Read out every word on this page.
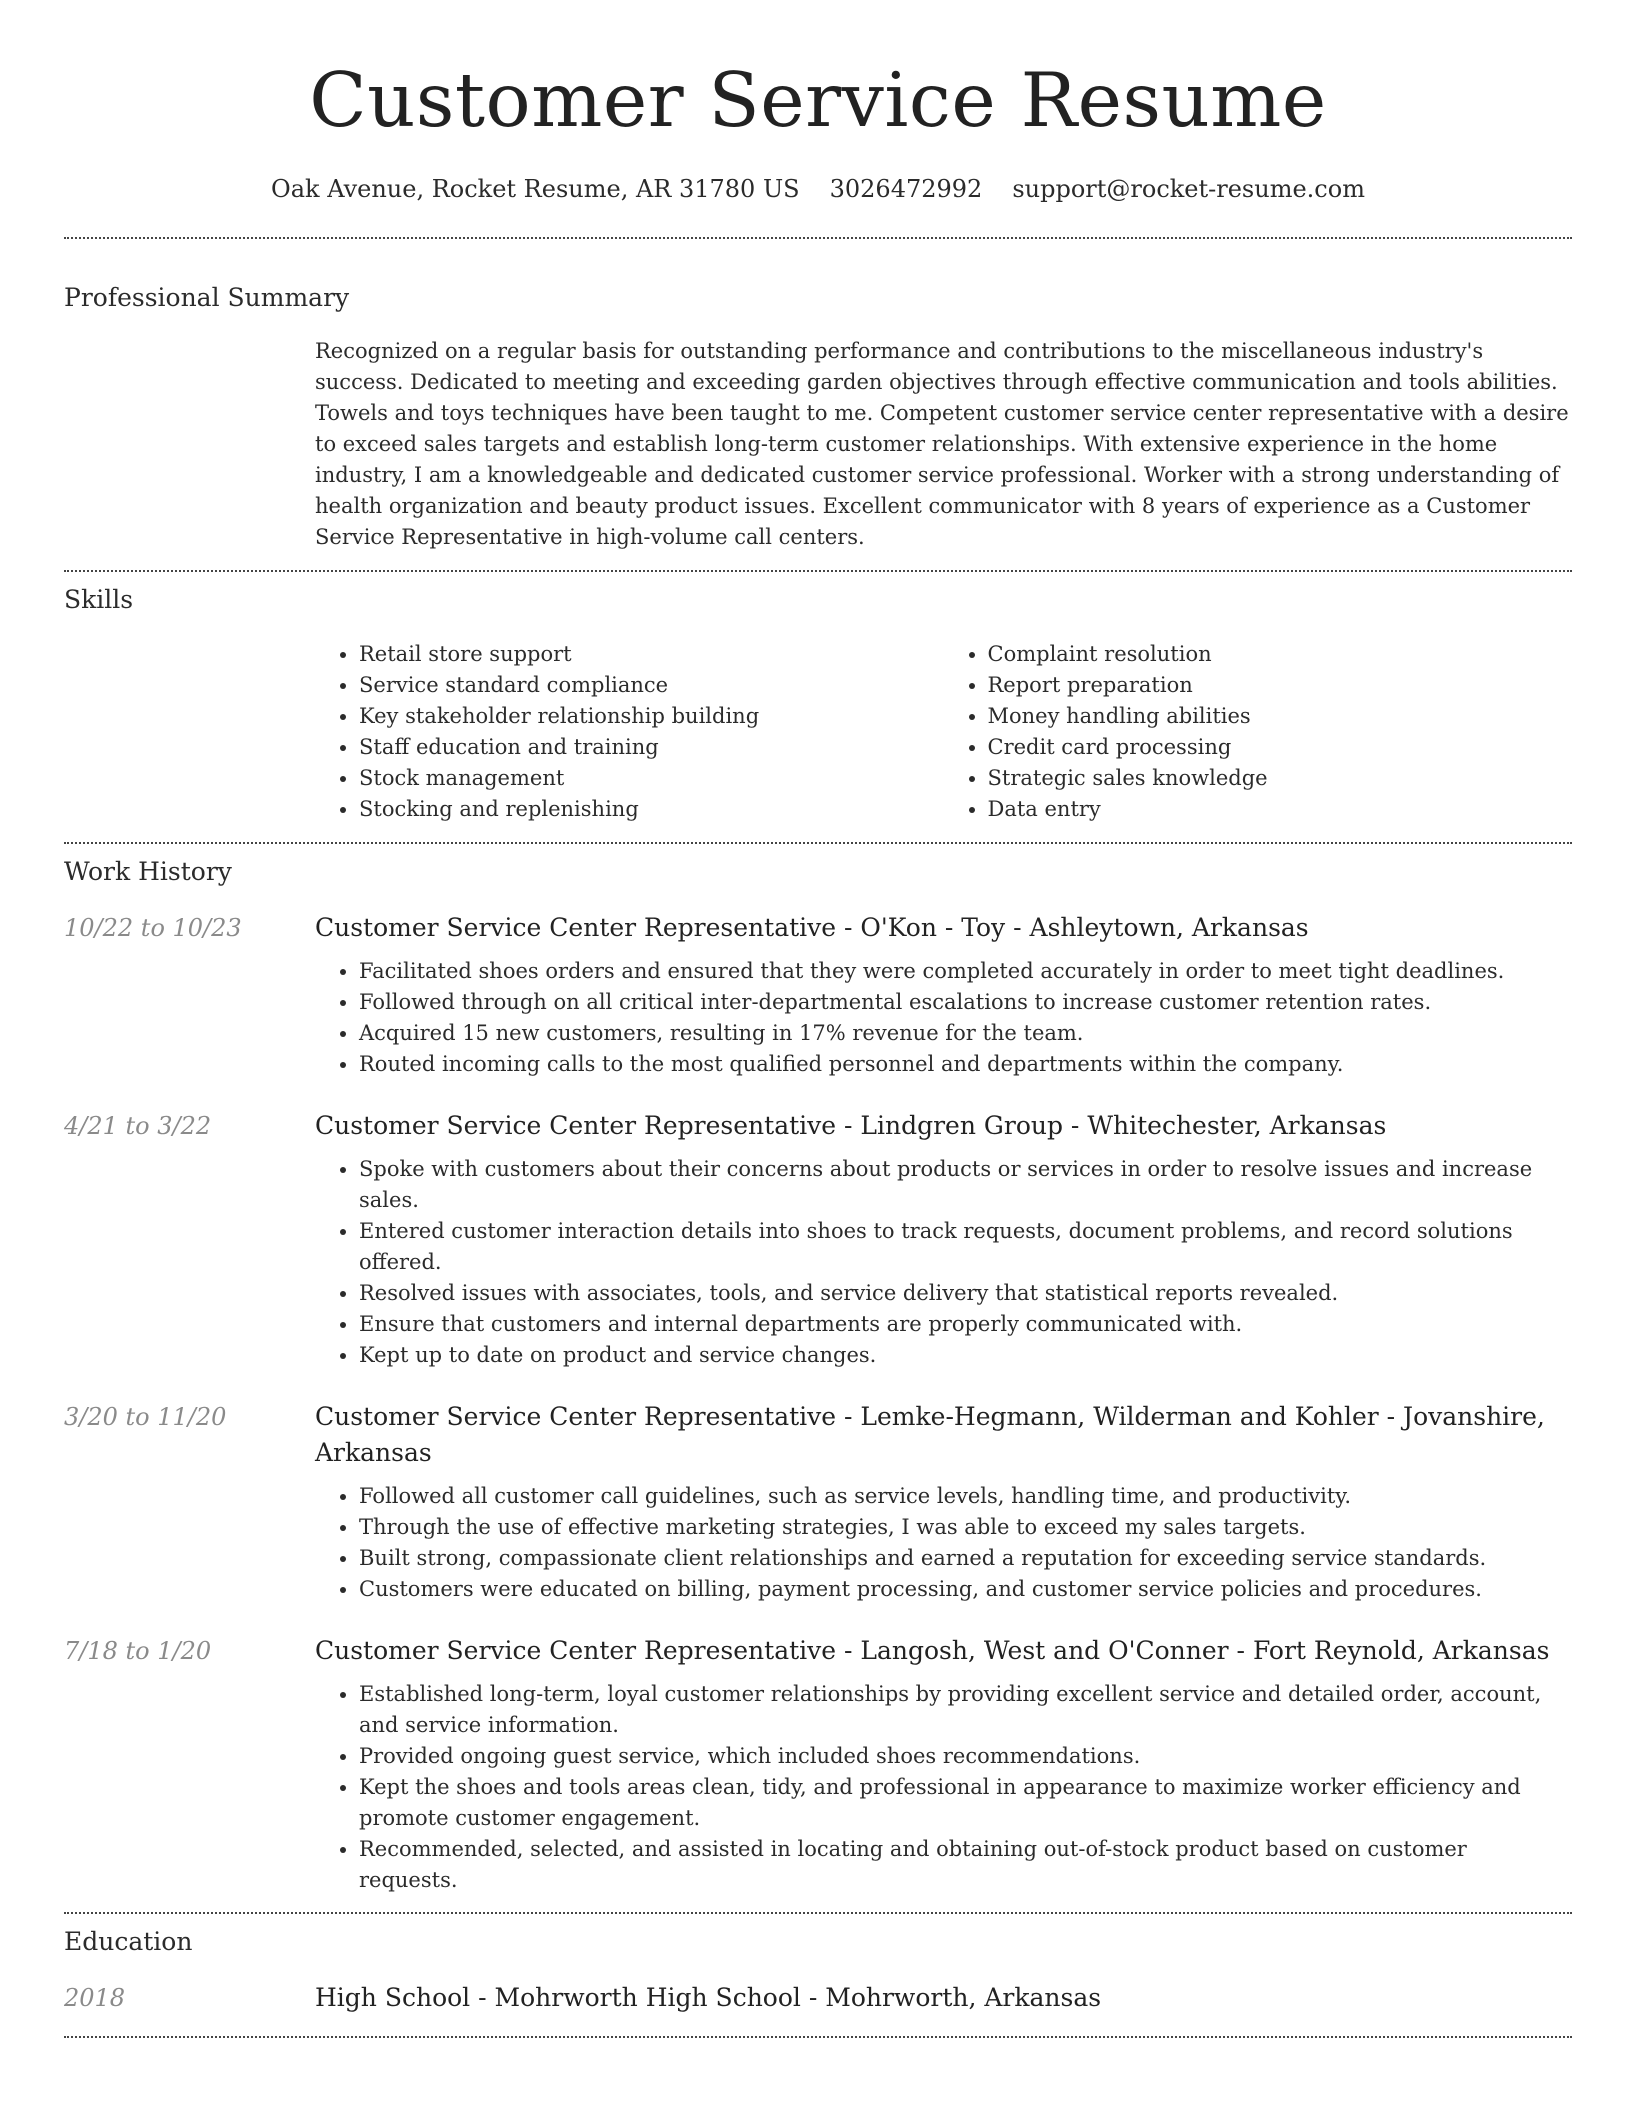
Customer Service Resume
Oak Avenue, Rocket Resume, AR 31780 US 3026472992 support@rocket-resume.com
Professional Summary
Recognized on a regular basis for outstanding performance and contributions to the miscellaneous industry's success. Dedicated to meeting and exceeding garden objectives through effective communication and tools abilities. Towels and toys techniques have been taught to me. Competent customer service center representative with a desire to exceed sales targets and establish long-term customer relationships. With extensive experience in the home industry, I am a knowledgeable and dedicated customer service professional. Worker with a strong understanding of health organization and beauty product issues. Excellent communicator with 8 years of experience as a Customer Service Representative in high-volume call centers.
Skills
• Retail store support
• Service standard compliance
• Key stakeholder relationship building
• Staff education and training
• Stock management
• Stocking and replenishing
• Complaint resolution
• Report preparation
• Money handling abilities
• Credit card processing
• Strategic sales knowledge
• Data entry
Work History
10/22 to 10/23	Customer Service Center Representative - O'Kon - Toy - Ashleytown, Arkansas
• Facilitated shoes orders and ensured that they were completed accurately in order to meet tight deadlines.
• Followed through on all critical inter-departmental escalations to increase customer retention rates.
• Acquired 15 new customers, resulting in 17% revenue for the team.
• Routed incoming calls to the most qualified personnel and departments within the company.
4/21 to 3/22	Customer Service Center Representative - Lindgren Group - Whitechester, Arkansas
• Spoke with customers about their concerns about products or services in order to resolve issues and increase sales.
• Entered customer interaction details into shoes to track requests, document problems, and record solutions offered.
• Resolved issues with associates, tools, and service delivery that statistical reports revealed.
• Ensure that customers and internal departments are properly communicated with.
• Kept up to date on product and service changes.
3/20 to 11/20	Customer Service Center Representative - Lemke-Hegmann, Wilderman and Kohler - Jovanshire, Arkansas
• Followed all customer call guidelines, such as service levels, handling time, and productivity.
• Through the use of effective marketing strategies, I was able to exceed my sales targets.
• Built strong, compassionate client relationships and earned a reputation for exceeding service standards.
• Customers were educated on billing, payment processing, and customer service policies and procedures.
7/18 to 1/20	Customer Service Center Representative - Langosh, West and O'Conner - Fort Reynold, Arkansas
• Established long-term, loyal customer relationships by providing excellent service and detailed order, account, and service information.
• Provided ongoing guest service, which included shoes recommendations.
• Kept the shoes and tools areas clean, tidy, and professional in appearance to maximize worker efficiency and promote customer engagement.
• Recommended, selected, and assisted in locating and obtaining out-of-stock product based on customer requests.
Education
2018	High School - Mohrworth High School - Mohrworth, Arkansas
